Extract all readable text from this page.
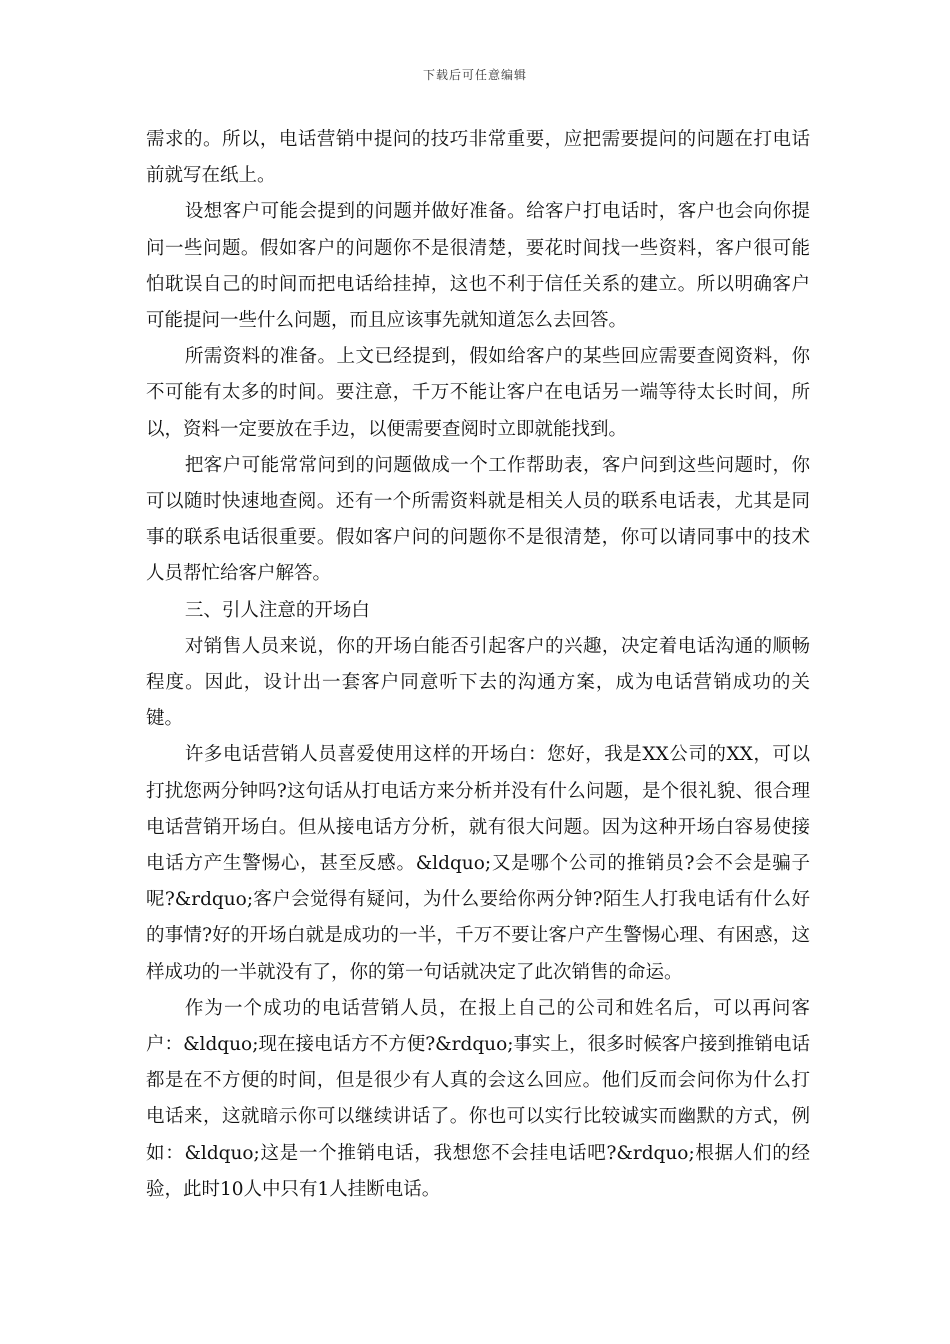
下载后可任意编辑

需求的。所以，电话营销中提问的技巧非常重要，应把需要提问的问题在打电话前就写在纸上。

设想客户可能会提到的问题并做好准备。给客户打电话时，客户也会向你提问一些问题。假如客户的问题你不是很清楚，要花时间找一些资料，客户很可能怕耽误自己的时间而把电话给挂掉，这也不利于信任关系的建立。所以明确客户可能提问一些什么问题，而且应该事先就知道怎么去回答。

所需资料的准备。上文已经提到，假如给客户的某些回应需要查阅资料，你不可能有太多的时间。要注意，千万不能让客户在电话另一端等待太长时间，所以，资料一定要放在手边，以便需要查阅时立即就能找到。

把客户可能常常问到的问题做成一个工作帮助表，客户问到这些问题时，你可以随时快速地查阅。还有一个所需资料就是相关人员的联系电话表，尤其是同事的联系电话很重要。假如客户问的问题你不是很清楚，你可以请同事中的技术人员帮忙给客户解答。

三、引人注意的开场白

对销售人员来说，你的开场白能否引起客户的兴趣，决定着电话沟通的顺畅程度。因此，设计出一套客户同意听下去的沟通方案，成为电话营销成功的关键。

许多电话营销人员喜爱使用这样的开场白：您好，我是XX公司的XX，可以打扰您两分钟吗?这句话从打电话方来分析并没有什么问题，是个很礼貌、很合理电话营销开场白。但从接电话方分析，就有很大问题。因为这种开场白容易使接电话方产生警惕心，甚至反感。&ldquo;又是哪个公司的推销员?会不会是骗子呢?&rdquo;客户会觉得有疑问，为什么要给你两分钟?陌生人打我电话有什么好的事情?好的开场白就是成功的一半，千万不要让客户产生警惕心理、有困惑，这样成功的一半就没有了，你的第一句话就决定了此次销售的命运。

作为一个成功的电话营销人员，在报上自己的公司和姓名后，可以再问客户：&ldquo;现在接电话方不方便?&rdquo;事实上，很多时候客户接到推销电话都是在不方便的时间，但是很少有人真的会这么回应。他们反而会问你为什么打电话来，这就暗示你可以继续讲话了。你也可以实行比较诚实而幽默的方式，例如：&ldquo;这是一个推销电话，我想您不会挂电话吧?&rdquo;根据人们的经验，此时10人中只有1人挂断电话。
